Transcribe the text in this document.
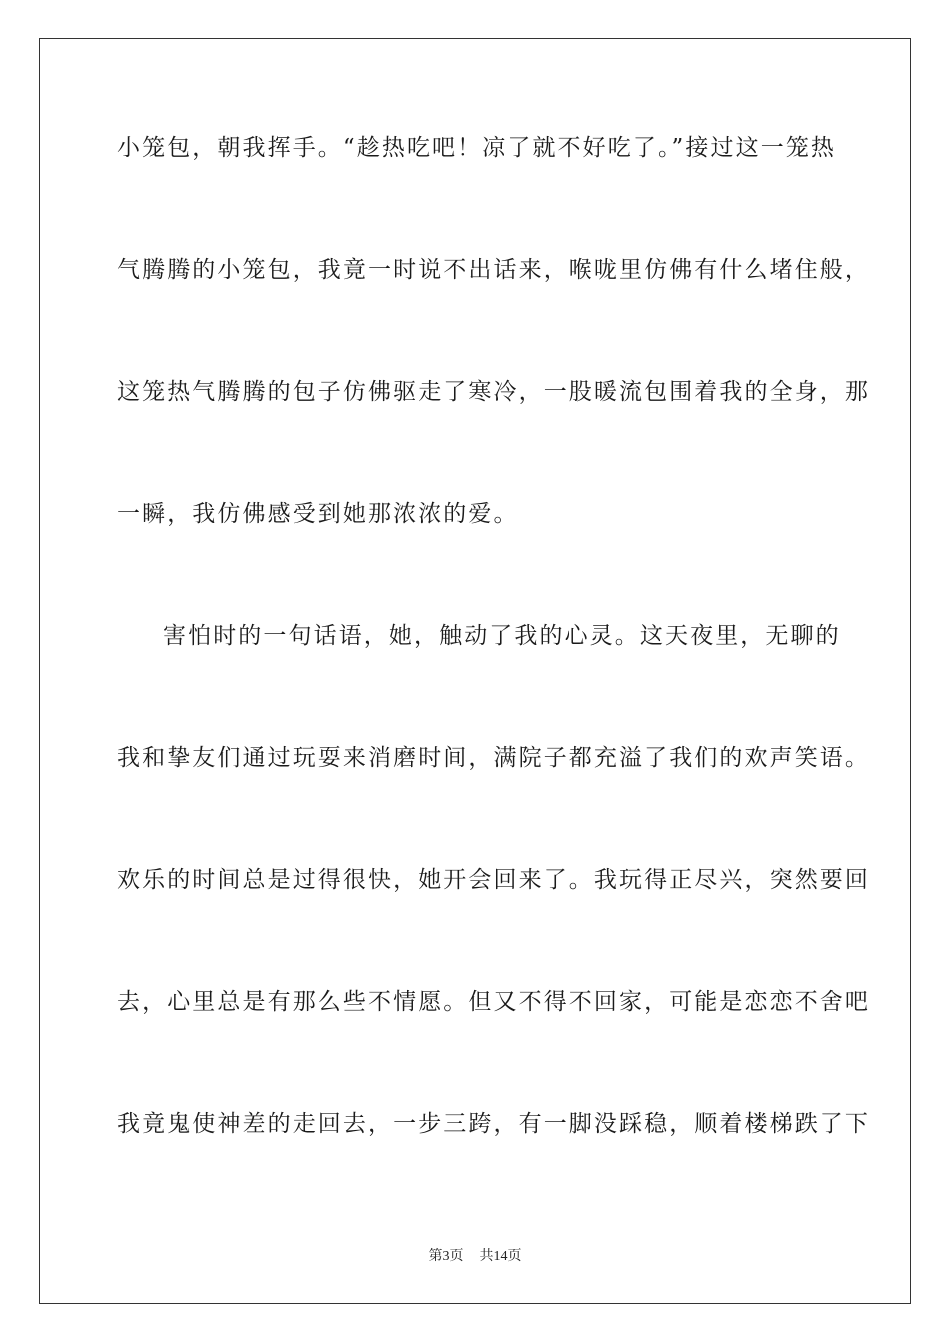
小笼包，朝我挥手。“趁热吃吧！凉了就不好吃了。”接过这一笼热
气腾腾的小笼包，我竟一时说不出话来，喉咙里仿佛有什么堵住般，
这笼热气腾腾的包子仿佛驱走了寒冷，一股暖流包围着我的全身，那
一瞬，我仿佛感受到她那浓浓的爱。
害怕时的一句话语，她，触动了我的心灵。这天夜里，无聊的
我和挚友们通过玩耍来消磨时间，满院子都充溢了我们的欢声笑语。
欢乐的时间总是过得很快，她开会回来了。我玩得正尽兴，突然要回
去，心里总是有那么些不情愿。但又不得不回家，可能是恋恋不舍吧
我竟鬼使神差的走回去，一步三跨，有一脚没踩稳，顺着楼梯跌了下
第3页 共14页
